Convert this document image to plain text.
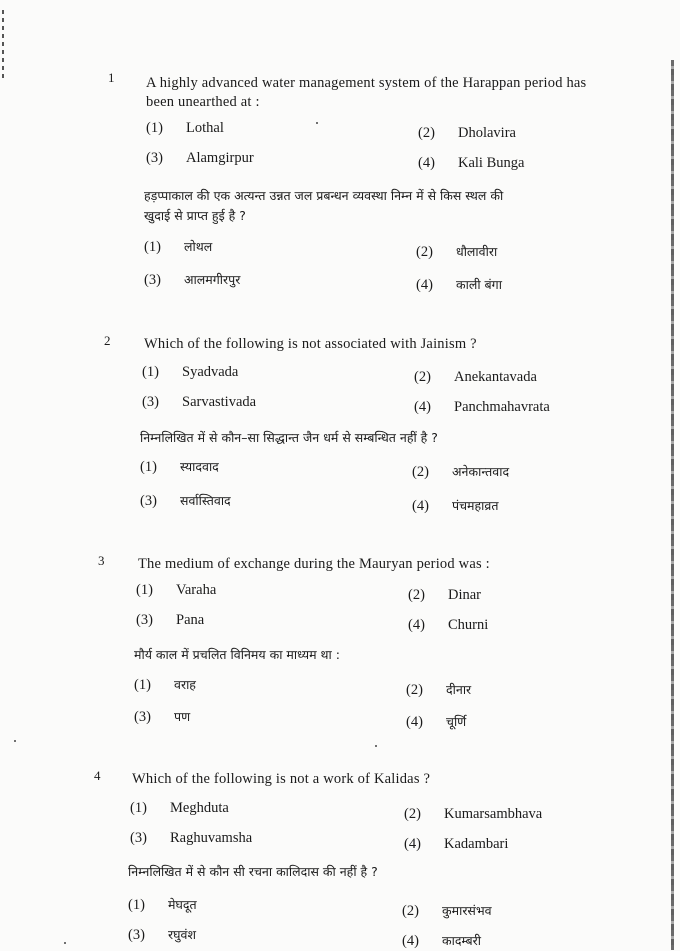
1 A highly advanced water management system of the Harappan period has
been unearthed at :
(1) Lothal	(2) Dholavira
(3) Alamgirpur	(4) Kali Bunga
हड़प्पाकाल की एक अत्यन्त उन्नत जल प्रबन्धन व्यवस्था निम्न में से किस स्थल की
खुदाई से प्राप्त हुई है ?
(1) लोथल	(2) धौलावीरा
(3) आलमगीरपुर	(4) काली बंगा
2 Which of the following is not associated with Jainism ?
(1) Syadvada	(2) Anekantavada
(3) Sarvastivada	(4) Panchmahavrata
निम्नलिखित में से कौन–सा सिद्धान्त जैन धर्म से सम्बन्धित नहीं है ?
(1) स्यादवाद	(2) अनेकान्तवाद
(3) सर्वास्तिवाद	(4) पंचमहाव्रत
3 The medium of exchange during the Mauryan period was :
(1) Varaha	(2) Dinar
(3) Pana	(4) Churni
मौर्य काल में प्रचलित विनिमय का माध्यम था :
(1) वराह	(2) दीनार
(3) पण	(4) चूर्णि
4 Which of the following is not a work of Kalidas ?
(1) Meghduta	(2) Kumarsambhava
(3) Raghuvamsha	(4) Kadambari
निम्नलिखित में से कौन सी रचना कालिदास की नहीं है ?
(1) मेघदूत	(2) कुमारसंभव
(3) रघुवंश	(4) कादम्बरी
